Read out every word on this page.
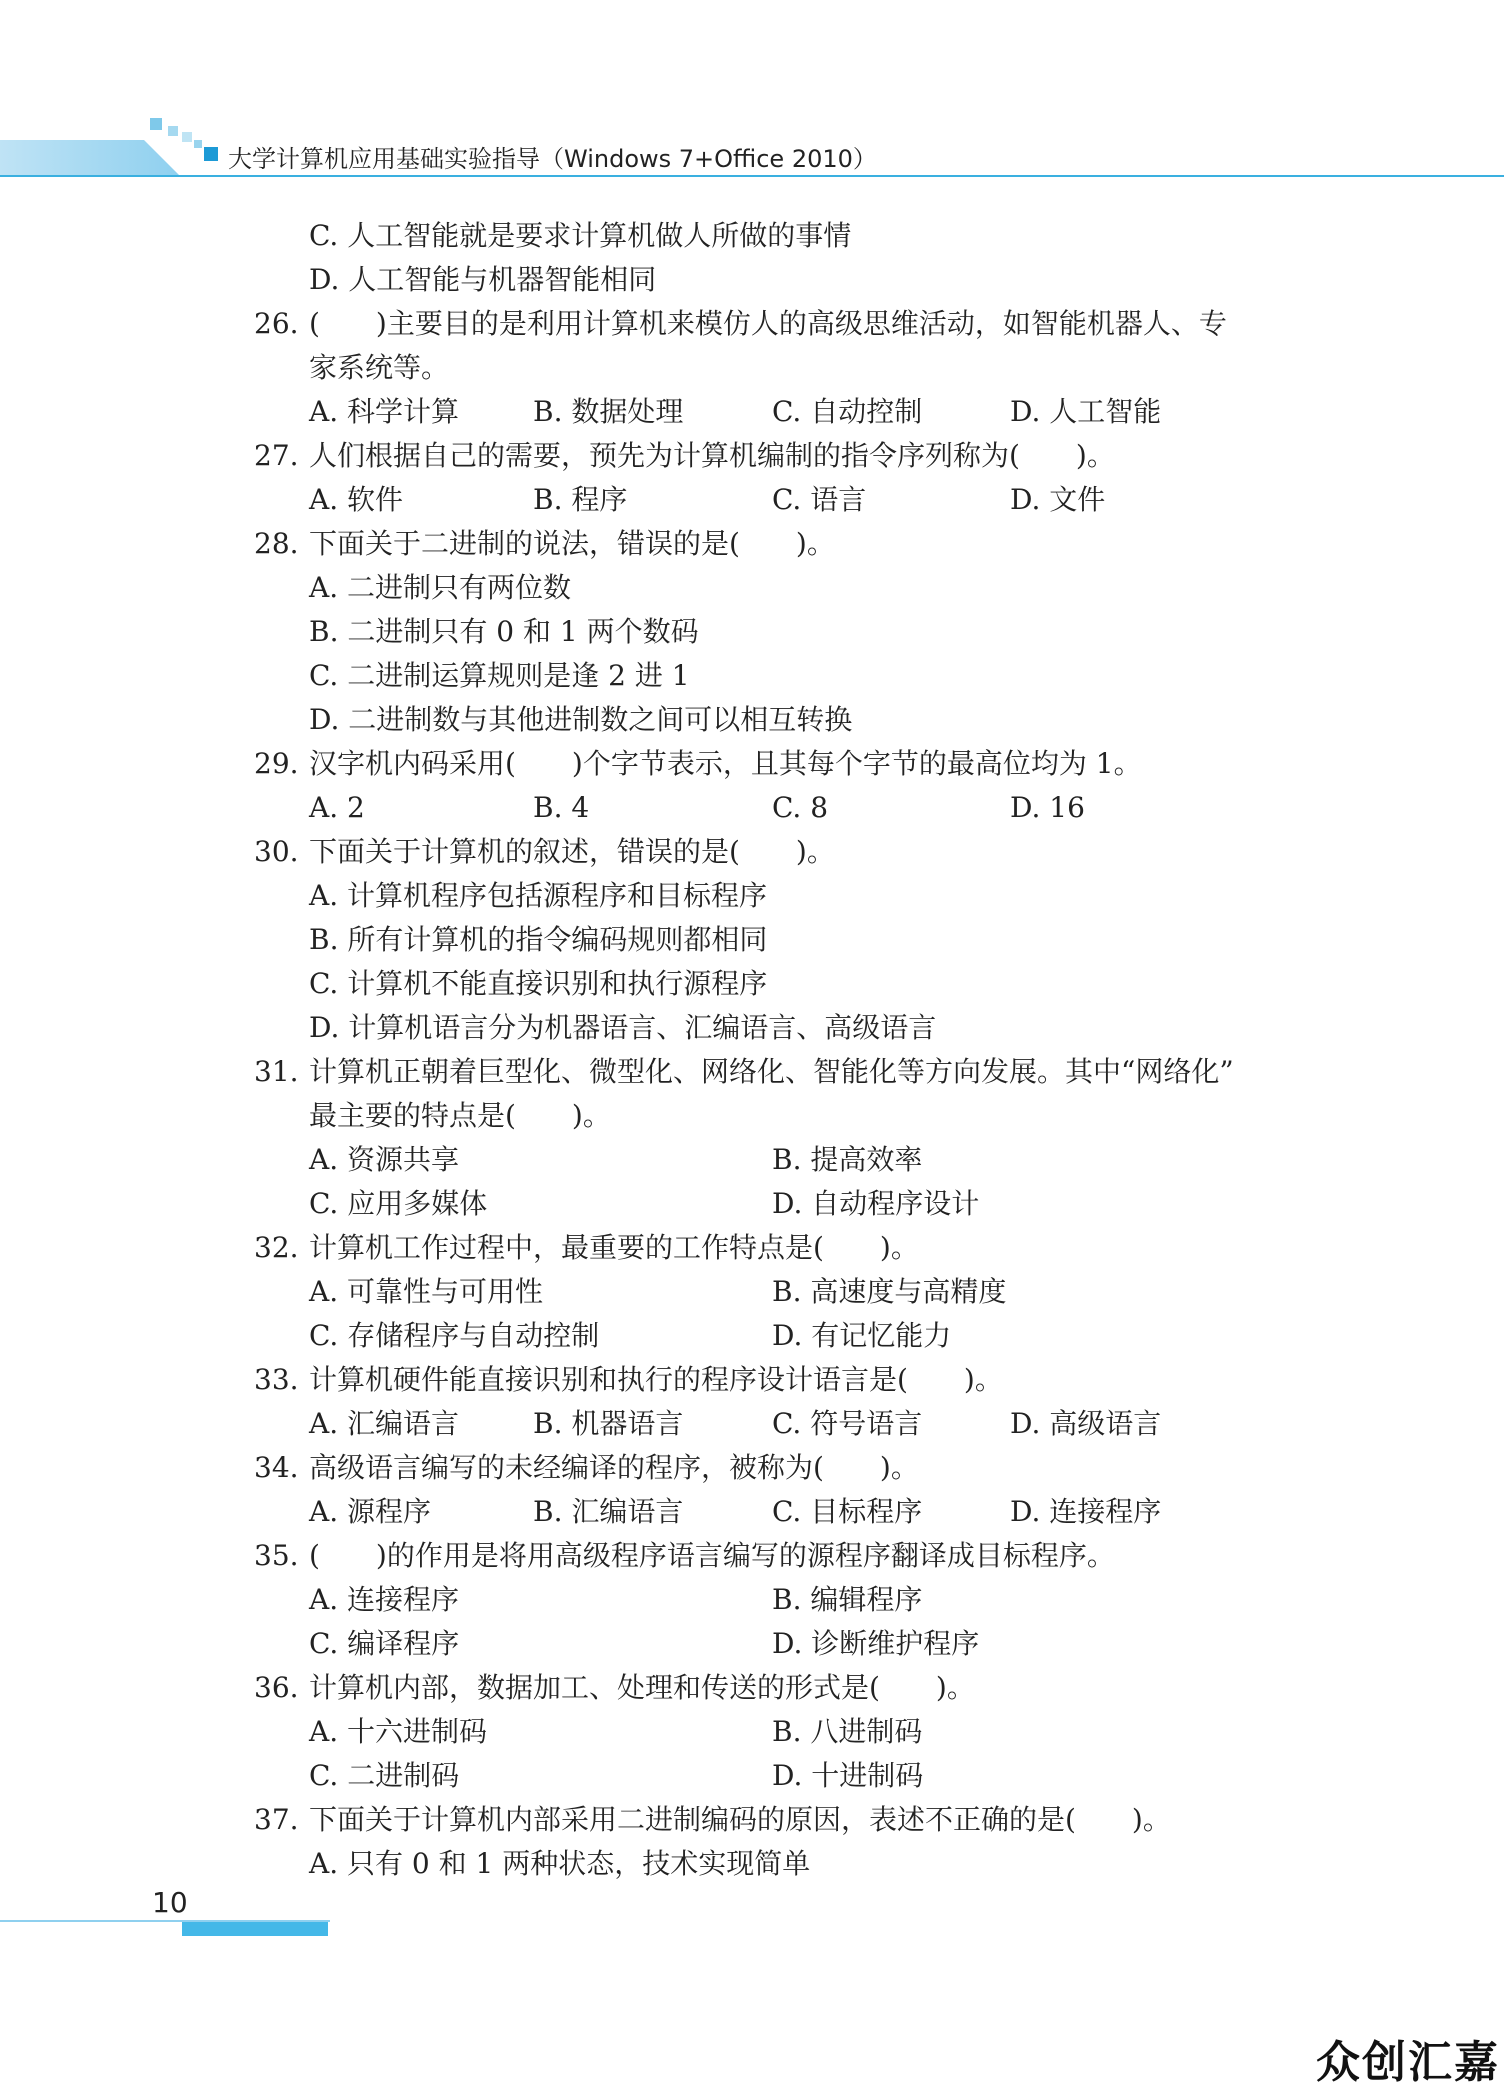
大学计算机应用基础实验指导（Windows 7+Office 2010）
C. 人工智能就是要求计算机做人所做的事情
D. 人工智能与机器智能相同
26. (　　)主要目的是利用计算机来模仿人的高级思维活动，如智能机器人、专
家系统等。
A. 科学计算	B. 数据处理	C. 自动控制	D. 人工智能
27. 人们根据自己的需要，预先为计算机编制的指令序列称为(　　)。
A. 软件	B. 程序	C. 语言	D. 文件
28. 下面关于二进制的说法，错误的是(　　)。
A. 二进制只有两位数
B. 二进制只有 0 和 1 两个数码
C. 二进制运算规则是逢 2 进 1
D. 二进制数与其他进制数之间可以相互转换
29. 汉字机内码采用(　　)个字节表示，且其每个字节的最高位均为 1。
A. 2	B. 4	C. 8	D. 16
30. 下面关于计算机的叙述，错误的是(　　)。
A. 计算机程序包括源程序和目标程序
B. 所有计算机的指令编码规则都相同
C. 计算机不能直接识别和执行源程序
D. 计算机语言分为机器语言、汇编语言、高级语言
31. 计算机正朝着巨型化、微型化、网络化、智能化等方向发展。其中“网络化”
最主要的特点是(　　)。
A. 资源共享	B. 提高效率
C. 应用多媒体	D. 自动程序设计
32. 计算机工作过程中，最重要的工作特点是(　　)。
A. 可靠性与可用性	B. 高速度与高精度
C. 存储程序与自动控制	D. 有记忆能力
33. 计算机硬件能直接识别和执行的程序设计语言是(　　)。
A. 汇编语言	B. 机器语言	C. 符号语言	D. 高级语言
34. 高级语言编写的未经编译的程序，被称为(　　)。
A. 源程序	B. 汇编语言	C. 目标程序	D. 连接程序
35. (　　)的作用是将用高级程序语言编写的源程序翻译成目标程序。
A. 连接程序	B. 编辑程序
C. 编译程序	D. 诊断维护程序
36. 计算机内部，数据加工、处理和传送的形式是(　　)。
A. 十六进制码	B. 八进制码
C. 二进制码	D. 十进制码
37. 下面关于计算机内部采用二进制编码的原因，表述不正确的是(　　)。
A. 只有 0 和 1 两种状态，技术实现简单
10
众创汇嘉
